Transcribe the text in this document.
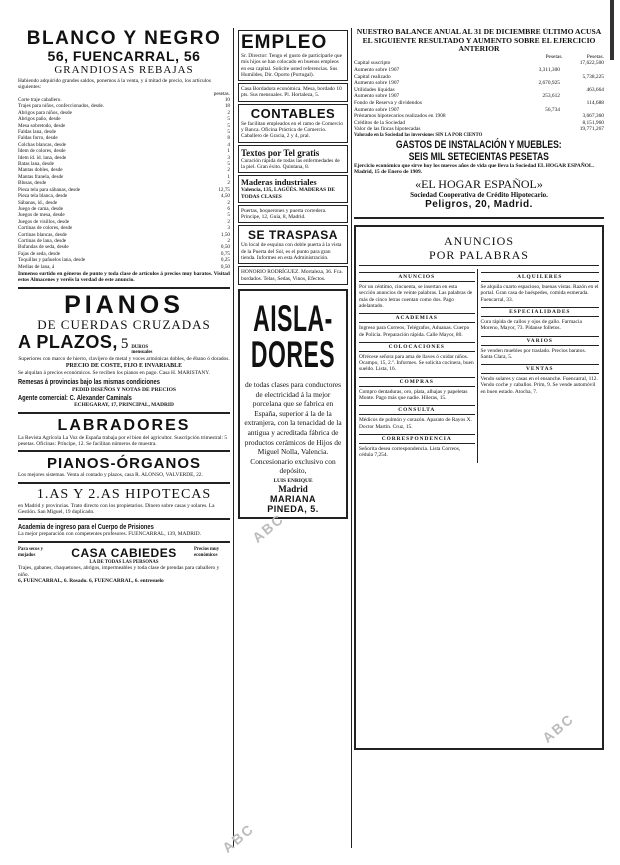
BLANCO Y NEGRO
56, FUENCARRAL, 56
GRANDIOSAS REBAJAS
Habiendo adquirido grandes saldos, ponemos á la venta, y á mitad de precio, los artículos siguientes:
pesetas.
Corte traje caballero.	10
Trajes para niños, confeccionados, desde.	18
Abrigos para niños, desde	2
Abrigos paño, desde	5
Mesa sobretodo, desde	5
Faldas lana, desde	5
Faldas forro, desde	8
Colchas blancas, desde	4
Ídem de colores, desde	1
Ídem íd. íd. lana, desde	3
Batas lana, desde	5
Mantas dobles, desde	2
Mantas franela, desde	1
Blusas, desde	2
Pieza tela para sábanas, desde	12,75
Pieza tela blanca, desde	4,50
Sábanas, íd., desde	2
Juego de cama, desde	6
Juegos de mesa, desde	5
Juegos de visillos, desde	2
Cortinas de colores, desde	3
Cortinas blancas, desde	1,50
Cortinas de lana, desde	2
Bufandas de seda, desde	0,50
Fajas de seda, desde	0,75
Toquillas y pañuelos lana, desde	0,25
Medias de lana, á	0,50
Inmenso surtido en géneros de punto y toda clase de artículos á precios muy baratos. Visitad estos Almacenes y veréis la verdad de este anuncio.
PIANOS
DE CUERDAS CRUZADAS
A PLAZOS, 5 DUROS mensuales
Superiores con marco de hierro, clavijero de metal y voces armónicas dobles, de ébano ó dorados.
PRECIO DE COSTE, FIJO E INVARIABLE
Se alquilan á precios económicos. Se reciben los pianos en pago. Casa H. MARISTANY.
Remesas á provincias bajo las mismas condiciones
PEDID DISEÑOS Y NOTAS DE PRECIOS
Agente comercial: C. Alexander Caminals
ECHEGARAY, 17, PRINCIPAL, MADRID
LABRADORES
La Revista Agrícola La Voz de España trabaja por el bien del agricultor. Suscripción trimestral: 5 pesetas. Oficinas: Príncipe, 12. Se facilitan números de muestra.
PIANOS-ÓRGANOS
Los mejores sistemas. Venta al contado y plazos, casa R. ALONSO, VALVERDE, 22.
1.AS Y 2.AS HIPOTECAS
en Madrid y provincias. Trato directo con los propietarios. Dinero sobre casas y solares. La Gestión. San Miguel, 19 duplicado.
Academia de ingreso para el Cuerpo de Prisiones
La mejor preparación con competentes profesores. FUENCARRAL, 139, MADRID.
Para secos y mojados	CASA CABIEDES	Precios muy económicos
LA DE TODAS LAS PERSONAS
Trajes, gabanes, chaquetones, abrigos, impermeables y toda clase de prendas para caballero y niño.
6, FUENCARRAL, 6. Rosado. 6, FUENCARRAL, 6. entresuelo
EMPLEO
Sr. Director: Tengo el gusto de participarle que mis hijos se han colocado en buenos empleos en esa capital. Solicite usted referencias. Sus Humildes, Dir. Oporto (Portugal).
Casa Bordadora económica. Mesa, bordado 10 pts. Sus mensuales. Pl. Hortaleza, 5.
CONTABLES
Se facilitan empleados en el ramo de Comercio y Banca. Oficina Práctica de Comercio. Caballero de Gracia, 2 y 4, pral.
Textos por Tel gratis
Curación rápida de todas las enfermedades de la piel. Gran éxito. Quintana, 8.
Maderas industriales
Valencia, 135, LAGÜÉS. MADERAS DE TODAS CLASES
Puertas, boquerones y puerta corredera. Príncipe, 12, Guía, 8, Madrid.
SE TRASPASA
Un local de esquina con doble puerta á la vista de la Puerta del Sol, es el punto para gran tienda. Informes en esta Administración.
HONORIO RODRÍGUEZ. Mortaleza, 36. Fca. bordados. Telas, Sedas, Vinos, Efectos.
AISLA-
DORES
de todas clases para conductores de electricidad á la mejor porcelana que se fabrica en España, superior á la de la extranjera, con la tenacidad de la antigua y acreditada fábrica de productos cerámicos de Hijos de Miguel Nolla, Valencia. Concesionario exclusivo con depósito,
LUIS ENRIQUE
Madrid
MARIANA
PINEDA, 5.
NUESTRO BALANCE ANUAL AL 31 DE DICIEMBRE ÚLTIMO ACUSA EL SIGUIENTE RESULTADO Y AUMENTO SOBRE EL EJERCICIO ANTERIOR
Pesetas.	Pesetas.
Capital suscripto	17,622,500
Aumento sobre 1907	3,311,300
Capital realizado	5,738,225
Aumento sobre 1907	2,670,925
Utilidades líquidas	463,664
Aumento sobre 1907	253,612
Fondo de Reserva y dividendos	114,688
Aumento sobre 1907	56,734
Préstamos hipotecarios realizados en 1908	3,667,360
Créditos de la Sociedad	8,151,960
Valor de las fincas hipotecadas	19,771,267
Valorado en la Sociedad las inversiones SIN LA POR CIENTO
GASTOS DE INSTALACIÓN Y MUEBLES:
SEIS MIL SETECIENTAS PESETAS
Ejercicio económico que sirve hoy los nuevos años de vida que lleva la Sociedad EL HOGAR ESPAÑOL. Madrid, 15 de Enero de 1909.
«EL HOGAR ESPAÑOL»
Sociedad Cooperativa de Crédito Hipotecario.
Peligros, 20, Madrid.
ANUNCIOS
POR PALABRAS
ANUNCIOS
Por un céntimo, cincuenta, se insertan en esta sección anuncios de veinte palabras. Las palabras de más de cinco letras cuentan como dos. Pago adelantado.
ACADEMIAS
Ingreso para Correos, Telégrafos, Aduanas. Cuerpo de Policía. Preparación rápida. Calle Mayor, 80.
COLOCACIONES
Ofrécese señora para ama de llaves ó cuidar niños. Ocampo, 15, 2.º. Informes. Se solicita cocinera, buen sueldo. Lista, 16.
COMPRAS
Compro dentaduras, oro, plata, alhajas y papeletas Monte. Pago más que nadie. Hileras, 15.
CONSULTA
Médicos de pulmón y corazón. Aparato de Rayos X. Doctor Martín. Cruz, 15.
CORRESPONDENCIA
Señorita desea correspondencia. Lista Correos, cédula 7,254.
ALQUILERES
Se alquila cuarto espacioso, buenas vistas. Razón en el portal. Gran casa de huéspedes, comida esmerada. Fuencarral, 33.
ESPECIALIDADES
Cura rápida de callos y ojos de gallo. Farmacia Moreno, Mayor, 73. Pídanse folletos.
VARIOS
Se venden muebles por traslado. Precios baratos. Santa Clara, 5.
VENTAS
Vendo solares y casas en el ensanche. Fuencarral, 112. Vendo coche y caballos. Prim, 9. Se vende automóvil en buen estado. Atocha, 7.
ABC
ABC
ABC
